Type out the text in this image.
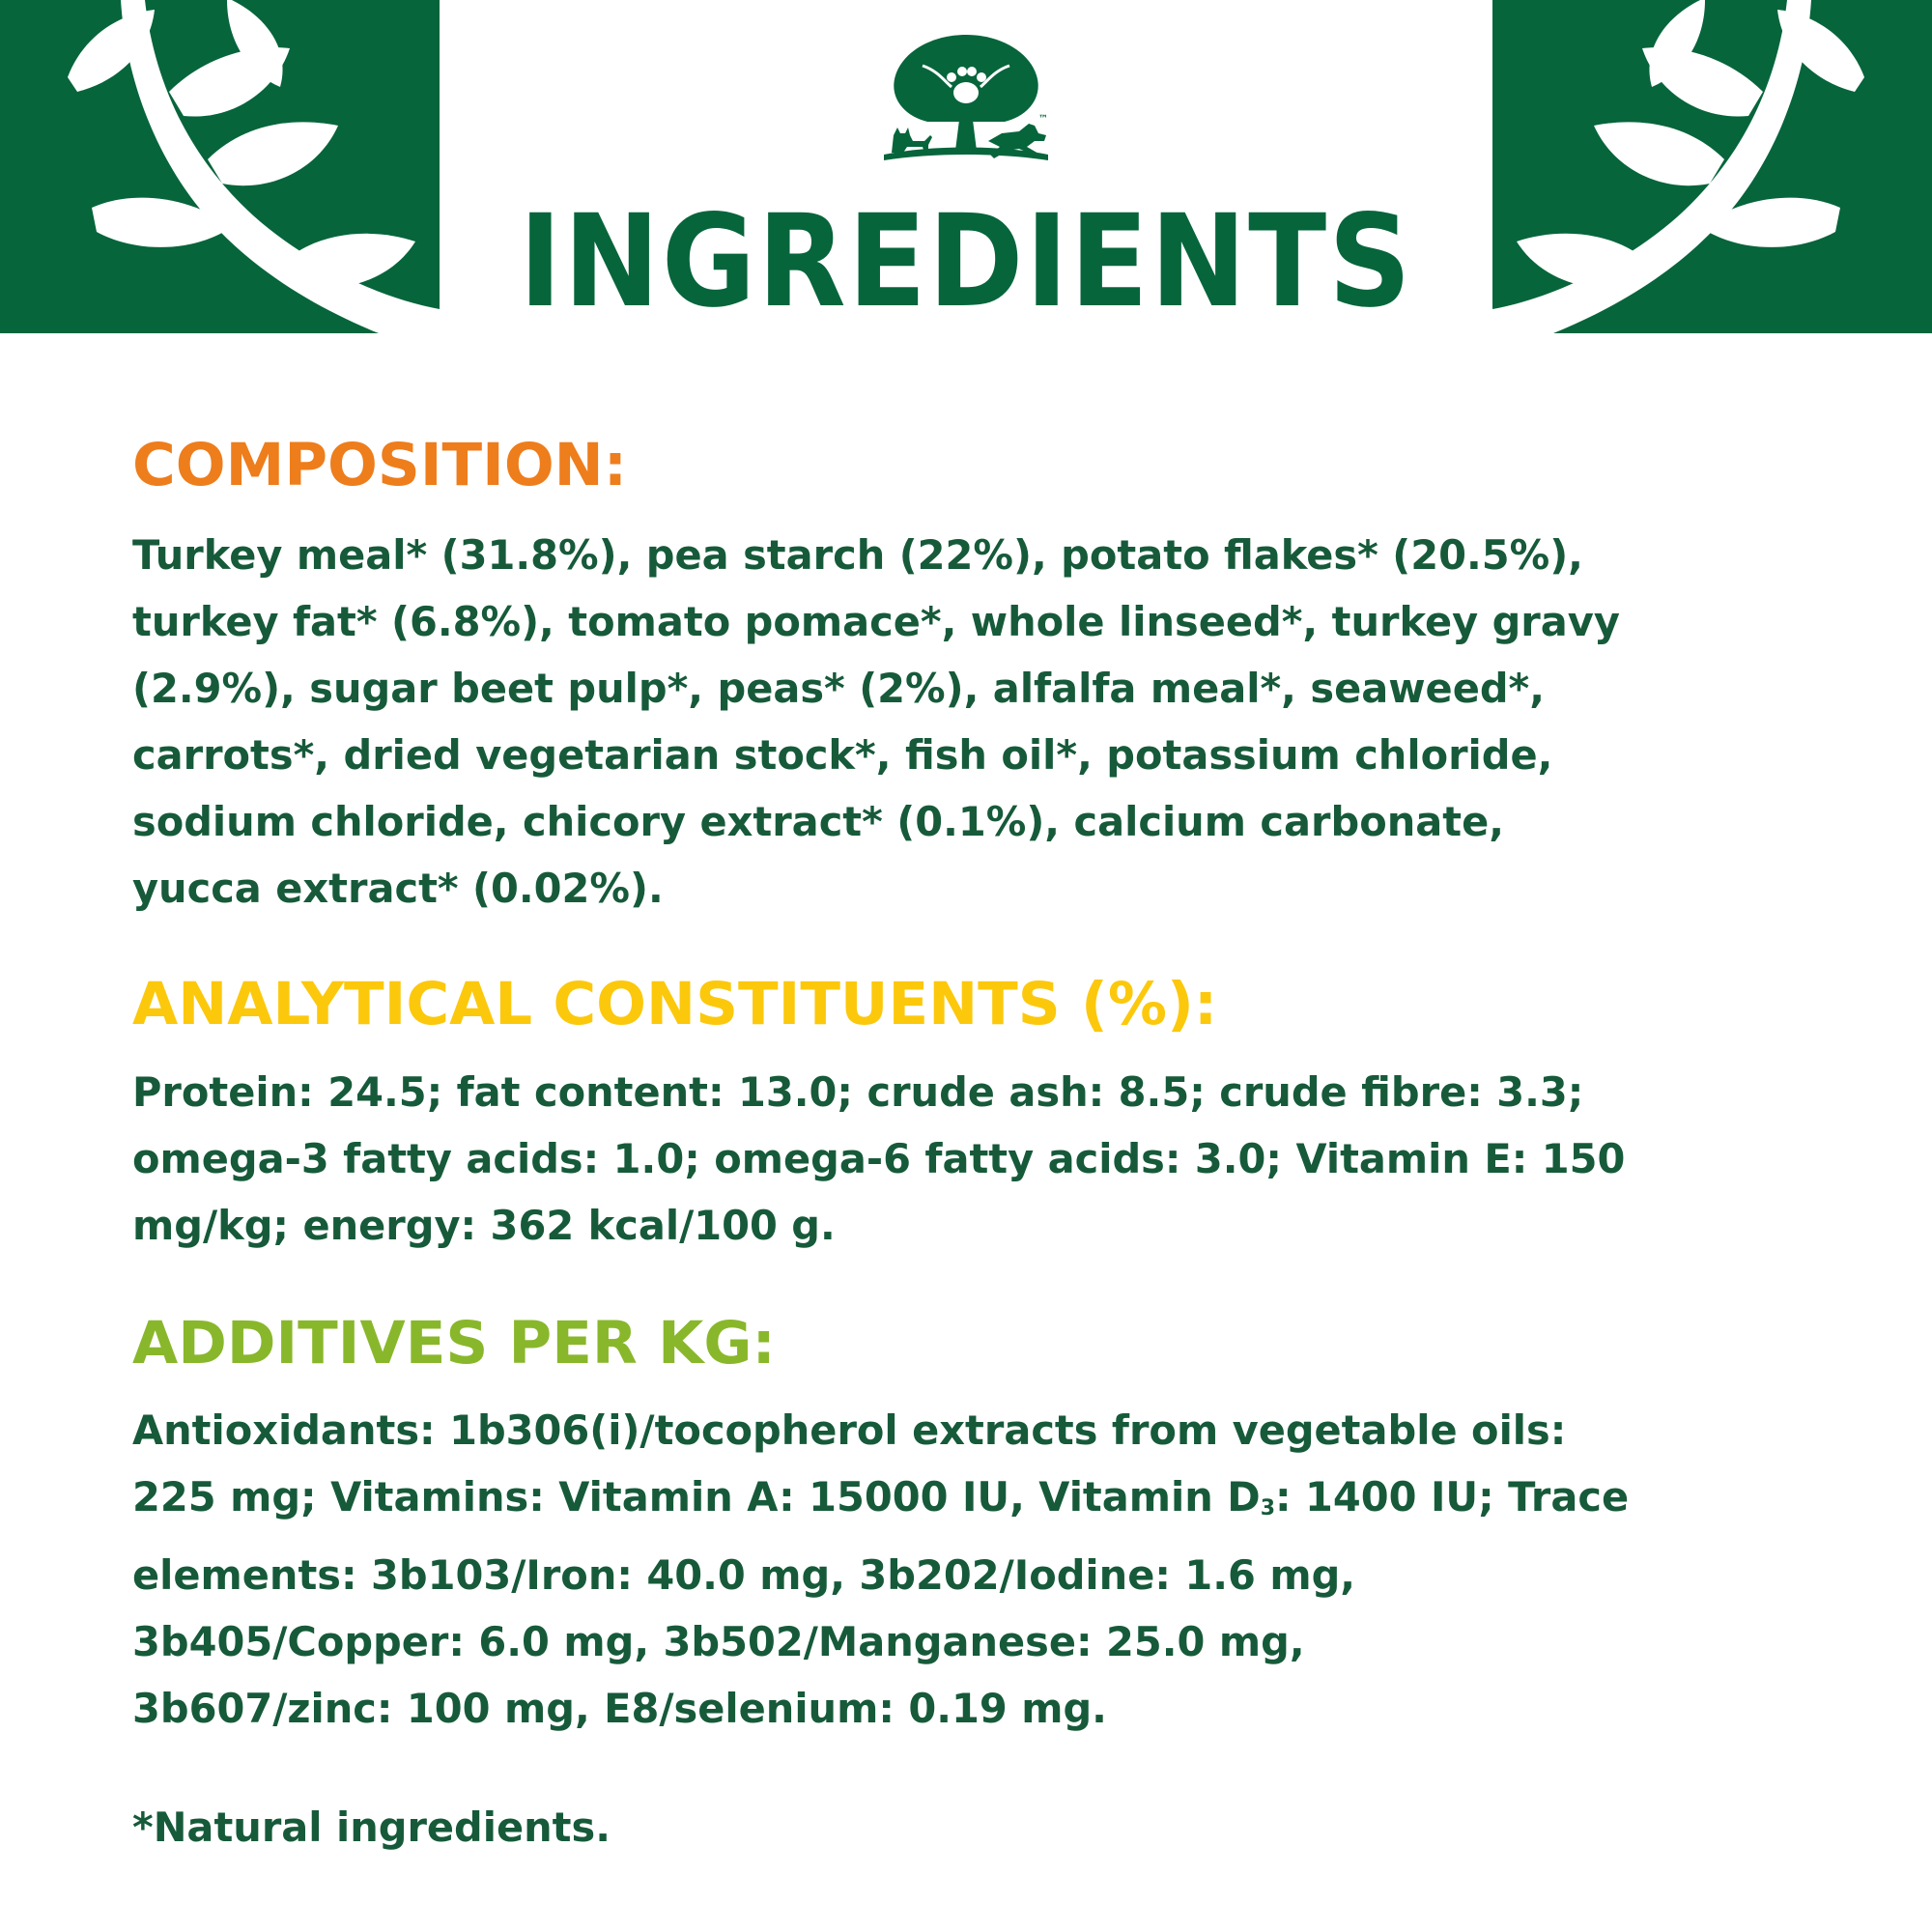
™
INGREDIENTS
COMPOSITION:

Turkey meal* (31.8%), pea starch (22%), potato flakes* (20.5%),
turkey fat* (6.8%), tomato pomace*, whole linseed*, turkey gravy
(2.9%), sugar beet pulp*, peas* (2%), alfalfa meal*, seaweed*,
carrots*, dried vegetarian stock*, fish oil*, potassium chloride,
sodium chloride, chicory extract* (0.1%), calcium carbonate,
yucca extract* (0.02%).

ANALYTICAL CONSTITUENTS (%):

Protein: 24.5; fat content: 13.0; crude ash: 8.5; crude fibre: 3.3;
omega-3 fatty acids: 1.0; omega-6 fatty acids: 3.0; Vitamin E: 150
mg/kg; energy: 362 kcal/100 g.

ADDITIVES PER KG:

Antioxidants: 1b306(i)/tocopherol extracts from vegetable oils:
225 mg; Vitamins: Vitamin A: 15000 IU, Vitamin D3: 1400 IU; Trace
elements: 3b103/Iron: 40.0 mg, 3b202/Iodine: 1.6 mg,
3b405/Copper: 6.0 mg, 3b502/Manganese: 25.0 mg,
3b607/zinc: 100 mg, E8/selenium: 0.19 mg.

*Natural ingredients.
